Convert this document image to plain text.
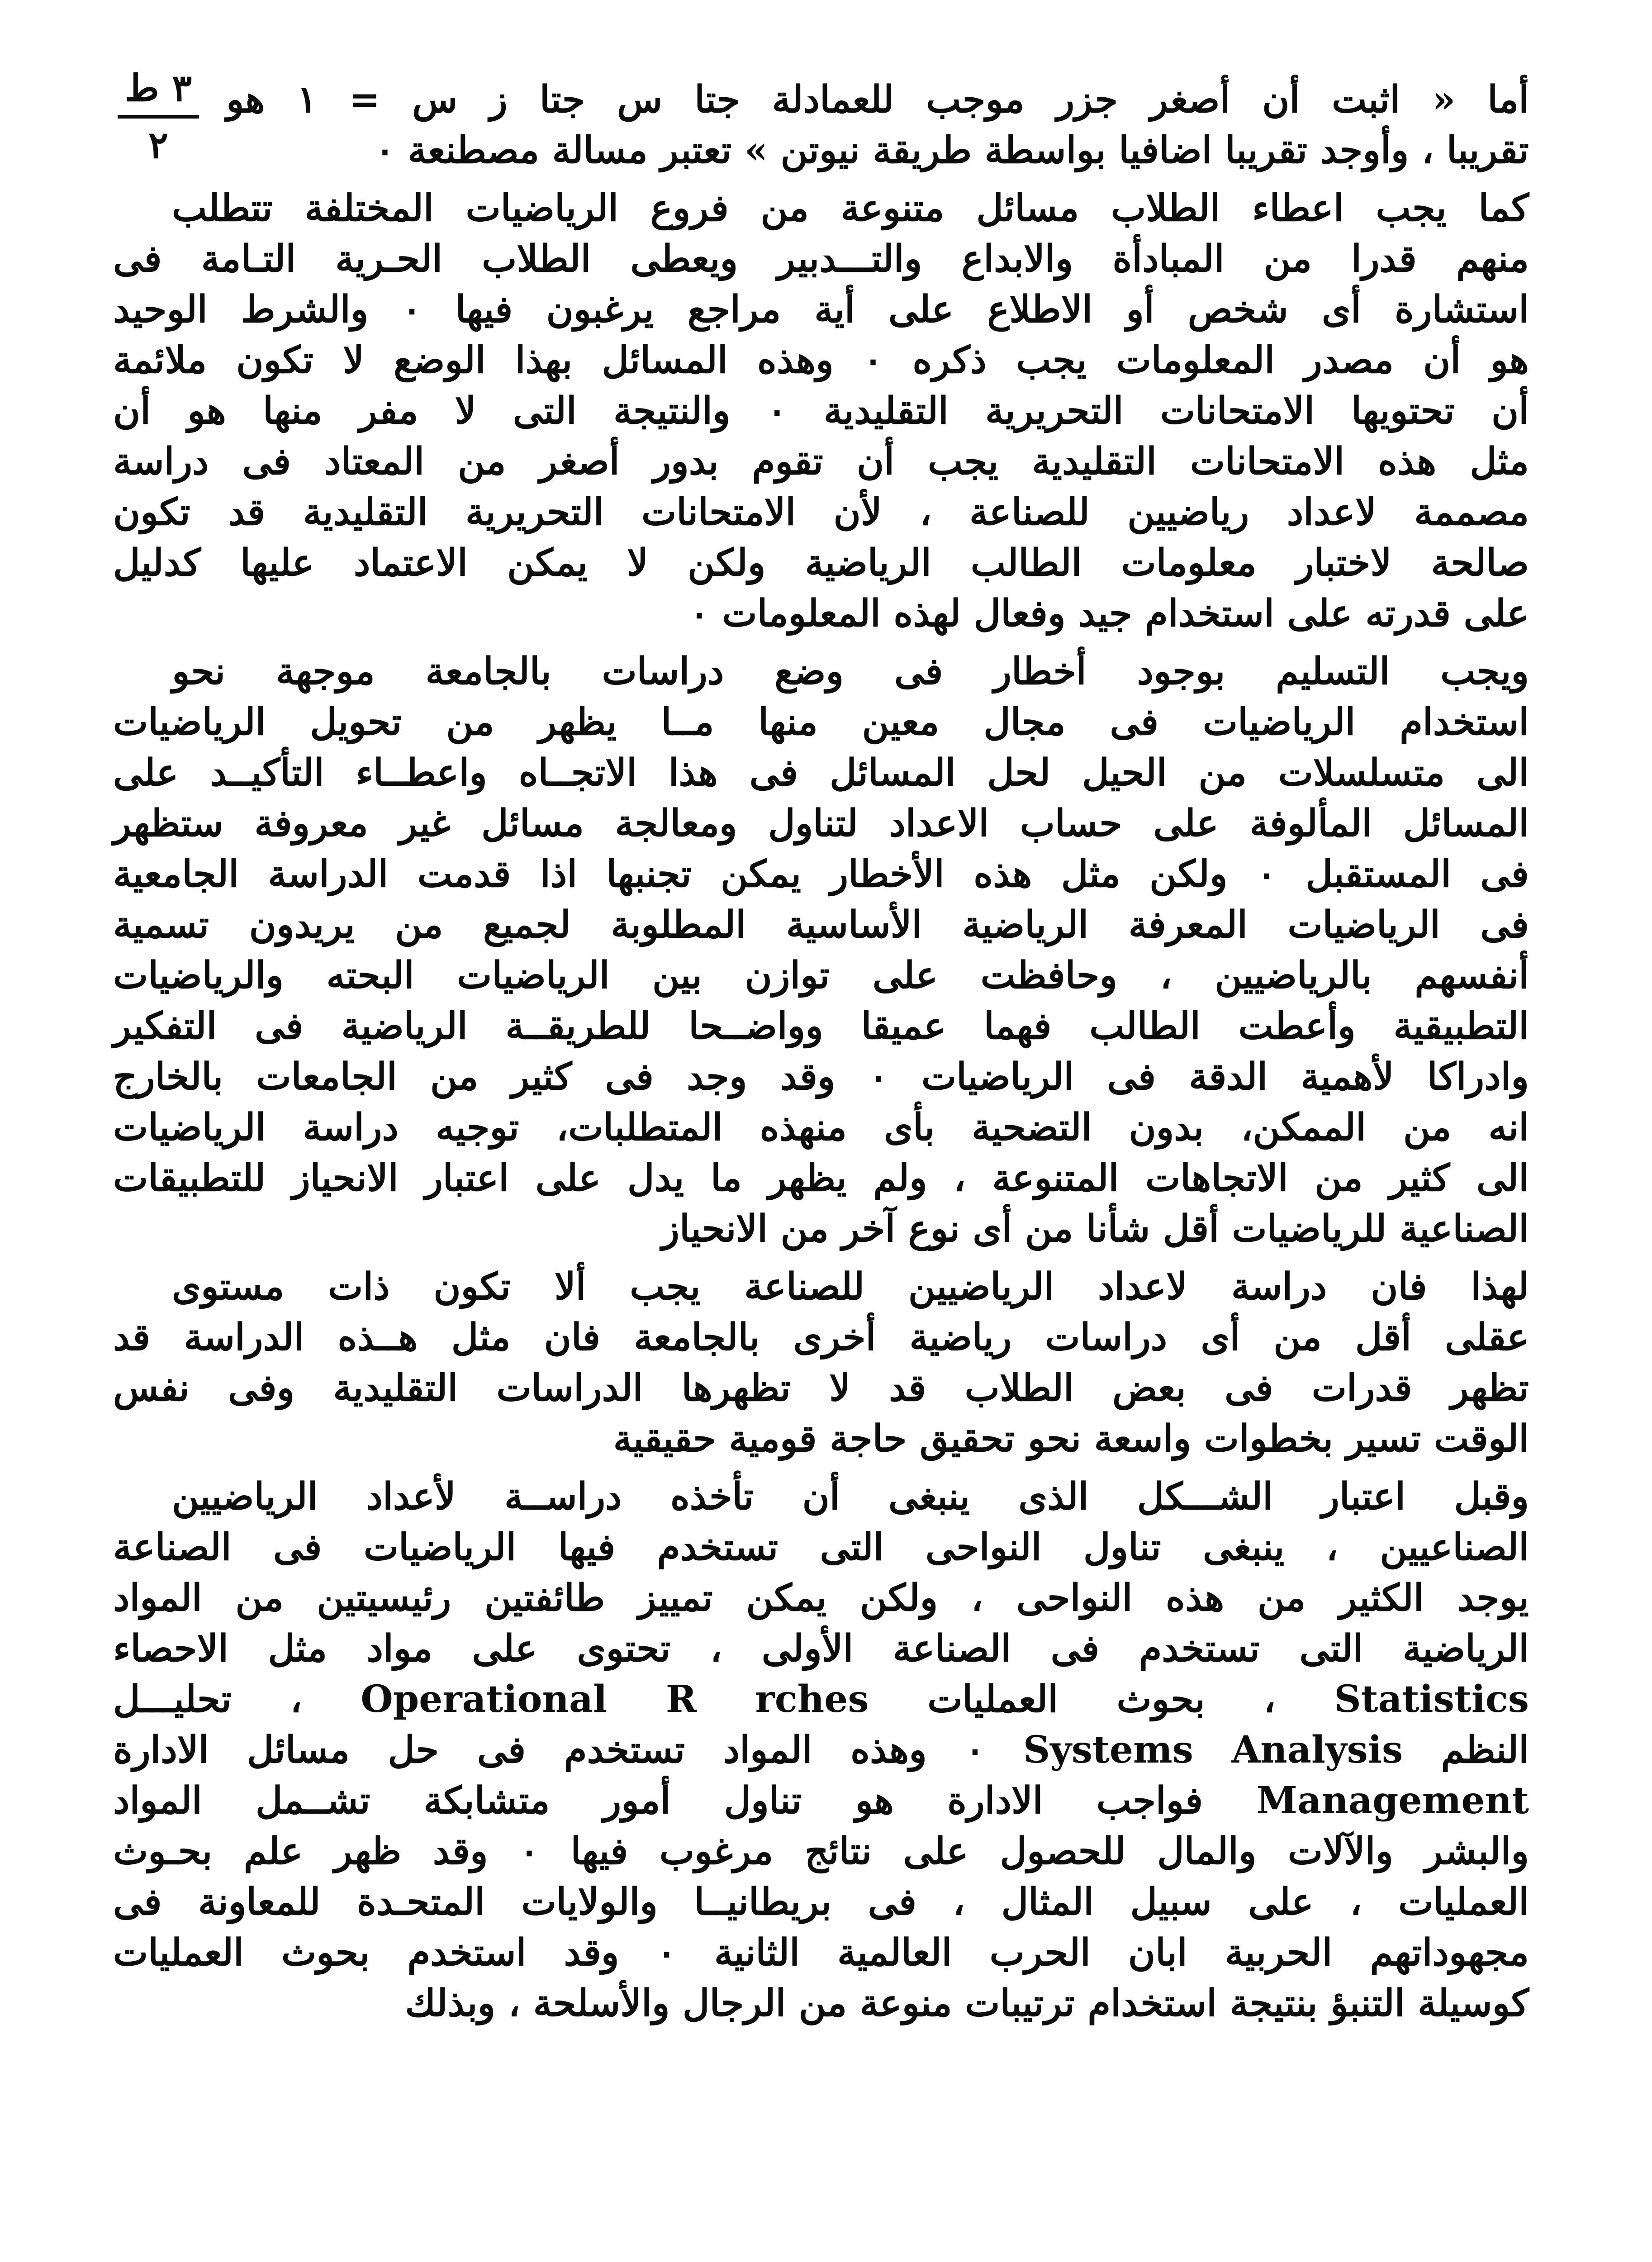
٣ ط
٢
أما « اثبت أن أصغر جزر موجب للعمادلة جتا س جتا ز س = ١ هو
تقريبا ، وأوجد تقريبا اضافيا بواسطة طريقة نيوتن » تعتبر مسالة مصطنعة ٠
كما يجب اعطاء الطلاب مسائل متنوعة من فروع الرياضيات المختلفة تتطلب
منهم قدرا من المبادأة والابداع والتـــدبير ويعطى الطلاب الحـرية التـامة فى
استشارة أى شخص أو الاطلاع على أية مراجع يرغبون فيها ٠ والشرط الوحيد
هو أن مصدر المعلومات يجب ذكره ٠ وهذه المسائل بهذا الوضع لا تكون ملائمة
أن تحتويها الامتحانات التحريرية التقليدية ٠ والنتيجة التى لا مفر منها هو أن
مثل هذه الامتحانات التقليدية يجب أن تقوم بدور أصغر من المعتاد فى دراسة
مصممة لاعداد رياضيين للصناعة ، لأن الامتحانات التحريرية التقليدية قد تكون
صالحة لاختبار معلومات الطالب الرياضية ولكن لا يمكن الاعتماد عليها كدليل
على قدرته على استخدام جيد وفعال لهذه المعلومات ٠
ويجب التسليم بوجود أخطار فى وضع دراسات بالجامعة موجهة نحو
استخدام الرياضيات فى مجال معين منها مــا يظهر من تحويل الرياضيات
الى متسلسلات من الحيل لحل المسائل فى هذا الاتجــاه واعطــاء التأكيــد على
المسائل المألوفة على حساب الاعداد لتناول ومعالجة مسائل غير معروفة ستظهر
فى المستقبل ٠ ولكن مثل هذه الأخطار يمكن تجنبها اذا قدمت الدراسة الجامعية
فى الرياضيات المعرفة الرياضية الأساسية المطلوبة لجميع من يريدون تسمية
أنفسهم بالرياضيين ، وحافظت على توازن بين الرياضيات البحته والرياضيات
التطبيقية وأعطت الطالب فهما عميقا وواضــحا للطريقــة الرياضية فى التفكير
وادراكا لأهمية الدقة فى الرياضيات ٠ وقد وجد فى كثير من الجامعات بالخارج
انه من الممكن، بدون التضحية بأى منهذه المتطلبات، توجيه دراسة الرياضيات
الى كثير من الاتجاهات المتنوعة ، ولم يظهر ما يدل على اعتبار الانحياز للتطبيقات
الصناعية للرياضيات أقل شأنا من أى نوع آخر من الانحياز
لهذا فان دراسة لاعداد الرياضيين للصناعة يجب ألا تكون ذات مستوى
عقلى أقل من أى دراسات رياضية أخرى بالجامعة فان مثل هــذه الدراسة قد
تظهر قدرات فى بعض الطلاب قد لا تظهرها الدراسات التقليدية وفى نفس
الوقت تسير بخطوات واسعة نحو تحقيق حاجة قومية حقيقية
وقبل اعتبار الشـــكل الذى ينبغى أن تأخذه دراســة لأعداد الرياضيين
الصناعيين ، ينبغى تناول النواحى التى تستخدم فيها الرياضيات فى الصناعة
يوجد الكثير من هذه النواحى ، ولكن يمكن تمييز طائفتين رئيسيتين من المواد
الرياضية التى تستخدم فى الصناعة الأولى ، تحتوى على مواد مثل الاحصاء
Statistics ، بحوث العمليات Operational R rches ، تحليـــل
النظم Systems Analysis ٠ وهذه المواد تستخدم فى حل مسائل الادارة
Management فواجب الادارة هو تناول أمور متشابكة تشــمل المواد
والبشر والآلات والمال للحصول على نتائج مرغوب فيها ٠ وقد ظهر علم بحـوث
العمليات ، على سبيل المثال ، فى بريطانيــا والولايات المتحـدة للمعاونة فى
مجهوداتهم الحربية ابان الحرب العالمية الثانية ٠ وقد استخدم بحوث العمليات
كوسيلة التنبؤ بنتيجة استخدام ترتيبات منوعة من الرجال والأسلحة ، وبذلك
